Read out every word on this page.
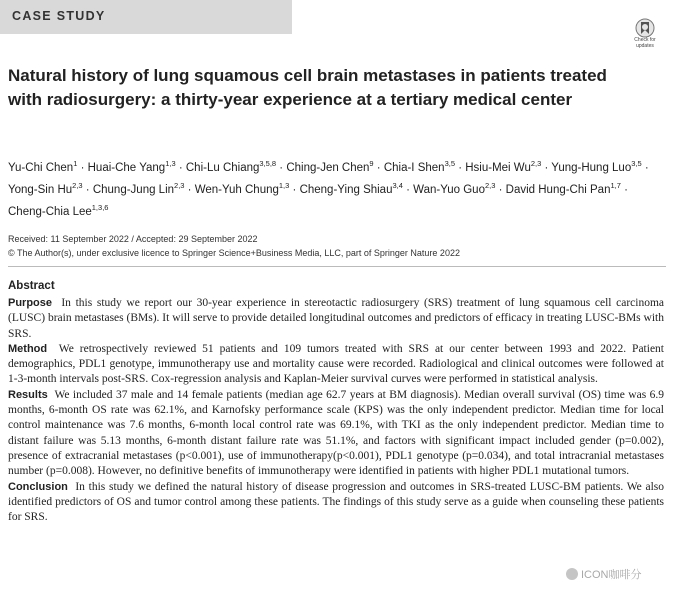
CASE STUDY
Check for
updates
Natural history of lung squamous cell brain metastases in patients treated with radiosurgery: a thirty-year experience at a tertiary medical center
Yu-Chi Chen$^1$ · Huai-Che Yang$^{1,3}$ · Chi-Lu Chiang$^{3,5,8}$ · Ching-Jen Chen$^9$ · Chia-I Shen$^{3,5}$ · Hsiu-Mei Wu$^{2,3}$ · Yung-Hung Luo$^{3,5}$ · Yong-Sin Hu$^{2,3}$ · Chung-Jung Lin$^{2,3}$ · Wen-Yuh Chung$^{1,3}$ · Cheng-Ying Shiau$^{3,4}$ · Wan-Yuo Guo$^{2,3}$ · David Hung-Chi Pan$^{1,7}$ · Cheng-Chia Lee$^{1,3,6}$
Received: 11 September 2022 / Accepted: 29 September 2022
© The Author(s), under exclusive licence to Springer Science+Business Media, LLC, part of Springer Nature 2022
Abstract

Purpose In this study we report our 30-year experience in stereotactic radiosurgery (SRS) treatment of lung squamous cell carcinoma (LUSC) brain metastases (BMs). It will serve to provide detailed longitudinal outcomes and predictors of efficacy in treating LUSC-BMs with SRS.

Method We retrospectively reviewed 51 patients and 109 tumors treated with SRS at our center between 1993 and 2022. Patient demographics, PDL1 genotype, immunotherapy use and mortality cause were recorded. Radiological and clinical outcomes were followed at 1-3-month intervals post-SRS. Cox-regression analysis and Kaplan-Meier survival curves were performed in statistical analysis.

Results We included 37 male and 14 female patients (median age 62.7 years at BM diagnosis). Median overall survival (OS) time was 6.9 months, 6-month OS rate was 62.1%, and Karnofsky performance scale (KPS) was the only independent predictor. Median time for local control maintenance was 7.6 months, 6-month local control rate was 69.1%, with TKI as the only independent predictor. Median time to distant failure was 5.13 months, 6-month distant failure rate was 51.1%, and factors with significant impact included gender (p=0.002), presence of extracranial metastases (p<0.001), use of immunotherapy(p<0.001), PDL1 genotype (p=0.034), and total intracranial metastases number (p=0.008). However, no definitive benefits of immunotherapy were identified in patients with higher PDL1 mutational tumors.

Conclusion In this study we defined the natural history of disease progression and outcomes in SRS-treated LUSC-BM patients. We also identified predictors of OS and tumor control among these patients. The findings of this study serve as a guide when counseling these patients for SRS.

ICON咖啡分
